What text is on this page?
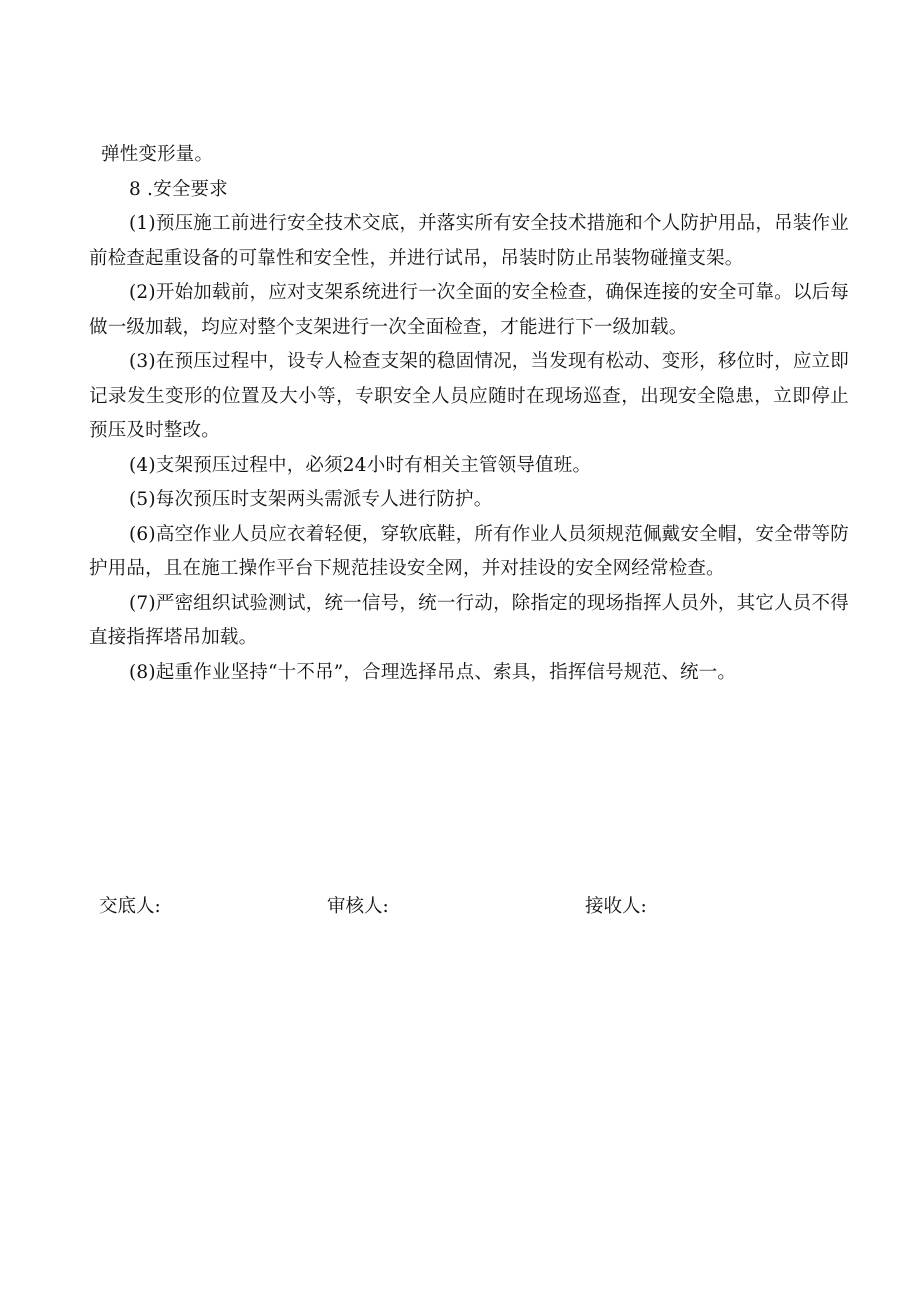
弹性变形量。

8 .安全要求

(1)预压施工前进行安全技术交底，并落实所有安全技术措施和个人防护用品，吊装作业前检查起重设备的可靠性和安全性，并进行试吊，吊装时防止吊装物碰撞支架。

(2)开始加载前，应对支架系统进行一次全面的安全检查，确保连接的安全可靠。以后每做一级加载，均应对整个支架进行一次全面检查，才能进行下一级加载。

(3)在预压过程中，设专人检查支架的稳固情况，当发现有松动、变形，移位时，应立即记录发生变形的位置及大小等，专职安全人员应随时在现场巡查，出现安全隐患，立即停止预压及时整改。

(4)支架预压过程中，必须24小时有相关主管领导值班。

(5)每次预压时支架两头需派专人进行防护。

(6)高空作业人员应衣着轻便，穿软底鞋，所有作业人员须规范佩戴安全帽，安全带等防护用品，且在施工操作平台下规范挂设安全网，并对挂设的安全网经常检查。

(7)严密组织试验测试，统一信号，统一行动，除指定的现场指挥人员外，其它人员不得直接指挥塔吊加载。

(8)起重作业坚持“十不吊”，合理选择吊点、索具，指挥信号规范、统一。

交底人:	审核人:	接收人:
